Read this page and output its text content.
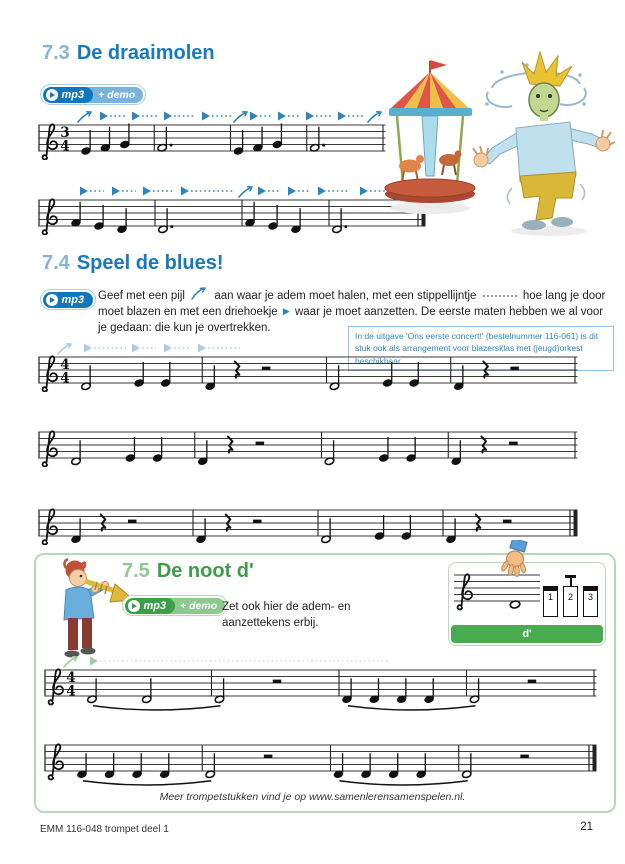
7.3 De draaimolen
mp3	+ demo
3
4
7.4 Speel de blues!
mp3 Geef met een pijl	aan waar je adem moet halen, met een stippellijntje	hoe lang je door moet blazen en met een driehoekje ▶ waar je moet aanzetten. De eerste maten hebben we al voor je gedaan: die kun je overtrekken.
In de uitgave 'Ons eerste concert!' (bestelnummer 116-061) is dit stuk ook als arrangement voor blazersklas met (jeugd)orkest beschikbaar.
4
4
7.5 De noot d'
mp3	+ demo Zet ook hier de adem- en aanzettekens erbij.
1	2	3
d'
4
4
Meer trompetstukken vind je op www.samenlerensamenspelen.nl.
EMM 116-048 trompet deel 1	21
